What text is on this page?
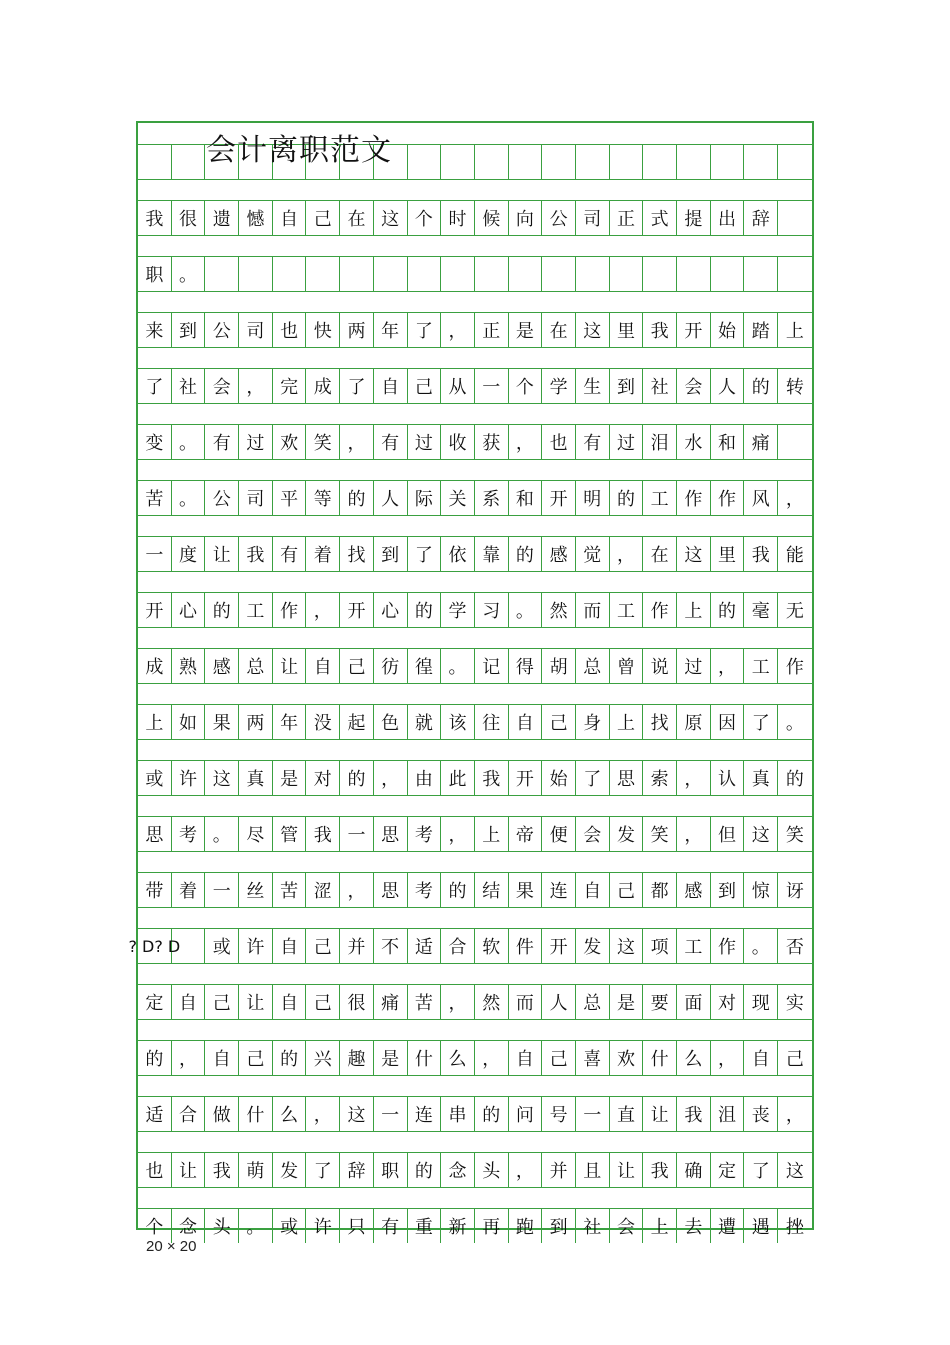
我 很 遗 憾 自 己 在 这 个 时 候 向 公 司 正 式 提 出 辞
职 。
来 到 公 司 也 快 两 年 了 ， 正 是 在 这 里 我 开 始 踏 上
了 社 会 ， 完 成 了 自 己 从 一 个 学 生 到 社 会 人 的 转
变 。 有 过 欢 笑 ， 有 过 收 获 ， 也 有 过 泪 水 和 痛
苦 。 公 司 平 等 的 人 际 关 系 和 开 明 的 工 作 作 风 ，
一 度 让 我 有 着 找 到 了 依 靠 的 感 觉 ， 在 这 里 我 能
开 心 的 工 作 ， 开 心 的 学 习 。 然 而 工 作 上 的 毫 无
成 熟 感 总 让 自 己 彷 徨 。 记 得 胡 总 曾 说 过 ， 工 作
上 如 果 两 年 没 起 色 就 该 往 自 己 身 上 找 原 因 了 。
或 许 这 真 是 对 的 ， 由 此 我 开 始 了 思 索 ， 认 真 的
思 考 。 尽 管 我 一 思 考 ， 上 帝 便 会 发 笑 ， 但 这 笑
带 着 一 丝 苦 涩 ， 思 考 的 结 果 连 自 己 都 感 到 惊 讶
? D? D	或 许 自 己 并 不 适 合 软 件 开 发 这 项 工 作 。 否
定 自 己 让 自 己 很 痛 苦 ， 然 而 人 总 是 要 面 对 现 实
的 ， 自 己 的 兴 趣 是 什 么 ， 自 己 喜 欢 什 么 ， 自 己
适 合 做 什 么 ， 这 一 连 串 的 问 号 一 直 让 我 沮 丧 ，
也 让 我 萌 发 了 辞 职 的 念 头 ， 并 且 让 我 确 定 了 这
个 念 头 。 或 许 只 有 重 新 再 跑 到 社 会 上 去 遭 遇 挫
会计离职范文
20 × 20
